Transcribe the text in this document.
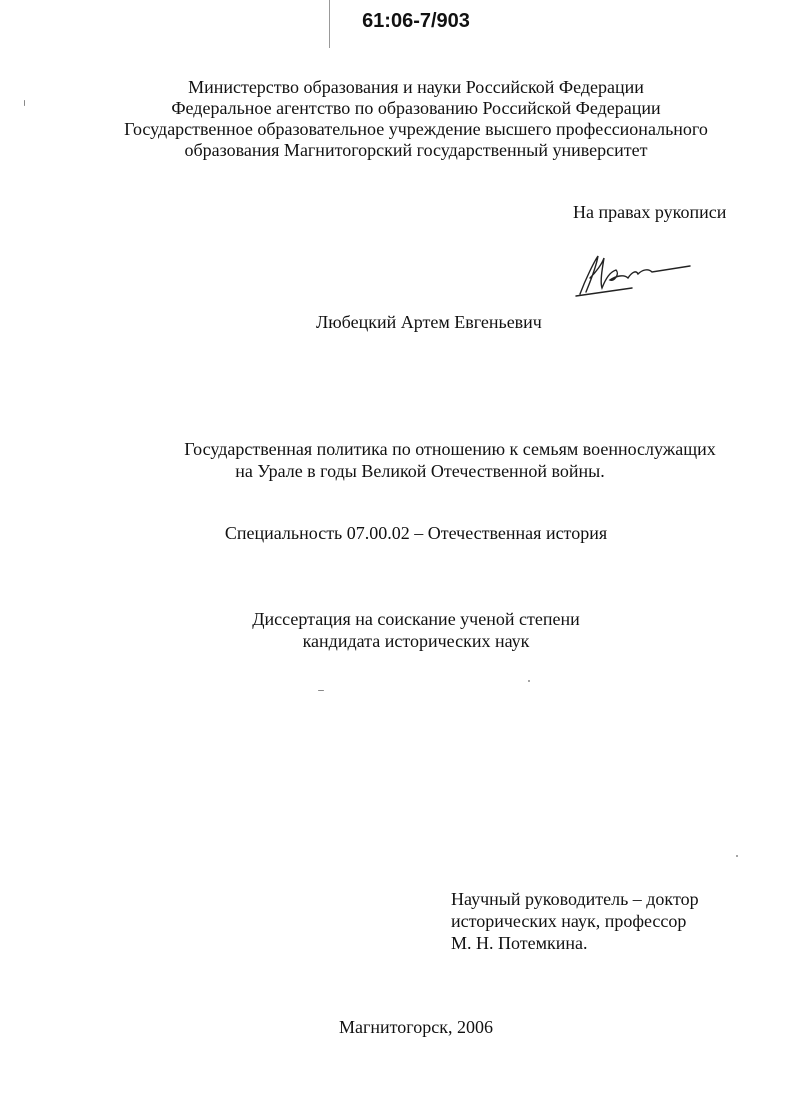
61:06-7/903
Министерство образования и науки Российской Федерации
Федеральное агентство по образованию Российской Федерации
Государственное образовательное учреждение высшего профессионального
образования Магнитогорский государственный университет
На правах рукописи
Любецкий Артем Евгеньевич
Государственная политика по отношению к семьям военнослужащих
на Урале в годы Великой Отечественной войны.
Специальность 07.00.02 – Отечественная история
Диссертация на соискание ученой степени
кандидата исторических наук
Научный руководитель – доктор
исторических наук, профессор
М. Н. Потемкина.
Магнитогорск, 2006
